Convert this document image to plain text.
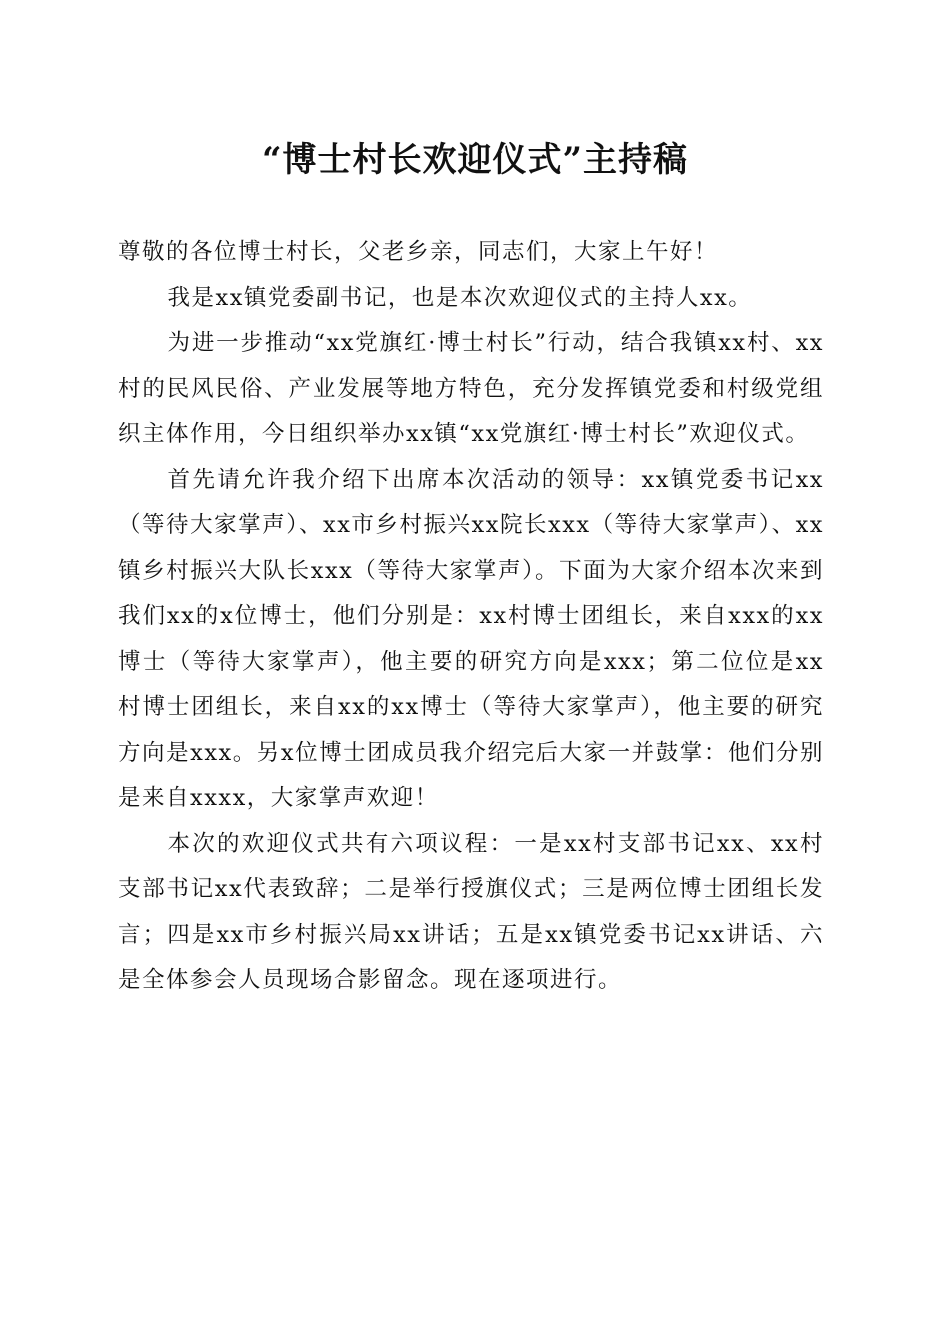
“博士村长欢迎仪式”主持稿

尊敬的各位博士村长，父老乡亲，同志们，大家上午好！

我是xx镇党委副书记，也是本次欢迎仪式的主持人xx。

为进一步推动“xx党旗红·博士村长”行动，结合我镇xx村、xx村的民风民俗、产业发展等地方特色，充分发挥镇党委和村级党组织主体作用，今日组织举办xx镇“xx党旗红·博士村长”欢迎仪式。

首先请允许我介绍下出席本次活动的领导：xx镇党委书记xx（等待大家掌声）、xx市乡村振兴xx院长xxx（等待大家掌声）、xx镇乡村振兴大队长xxx（等待大家掌声）。下面为大家介绍本次来到我们xx的x位博士，他们分别是：xx村博士团组长，来自xxx的xx博士（等待大家掌声），他主要的研究方向是xxx；第二位位是xx村博士团组长，来自xx的xx博士（等待大家掌声），他主要的研究方向是xxx。另x位博士团成员我介绍完后大家一并鼓掌：他们分别是来自xxxx，大家掌声欢迎！

本次的欢迎仪式共有六项议程：一是xx村支部书记xx、xx村支部书记xx代表致辞；二是举行授旗仪式；三是两位博士团组长发言；四是xx市乡村振兴局xx讲话；五是xx镇党委书记xx讲话、六是全体参会人员现场合影留念。现在逐项进行。
